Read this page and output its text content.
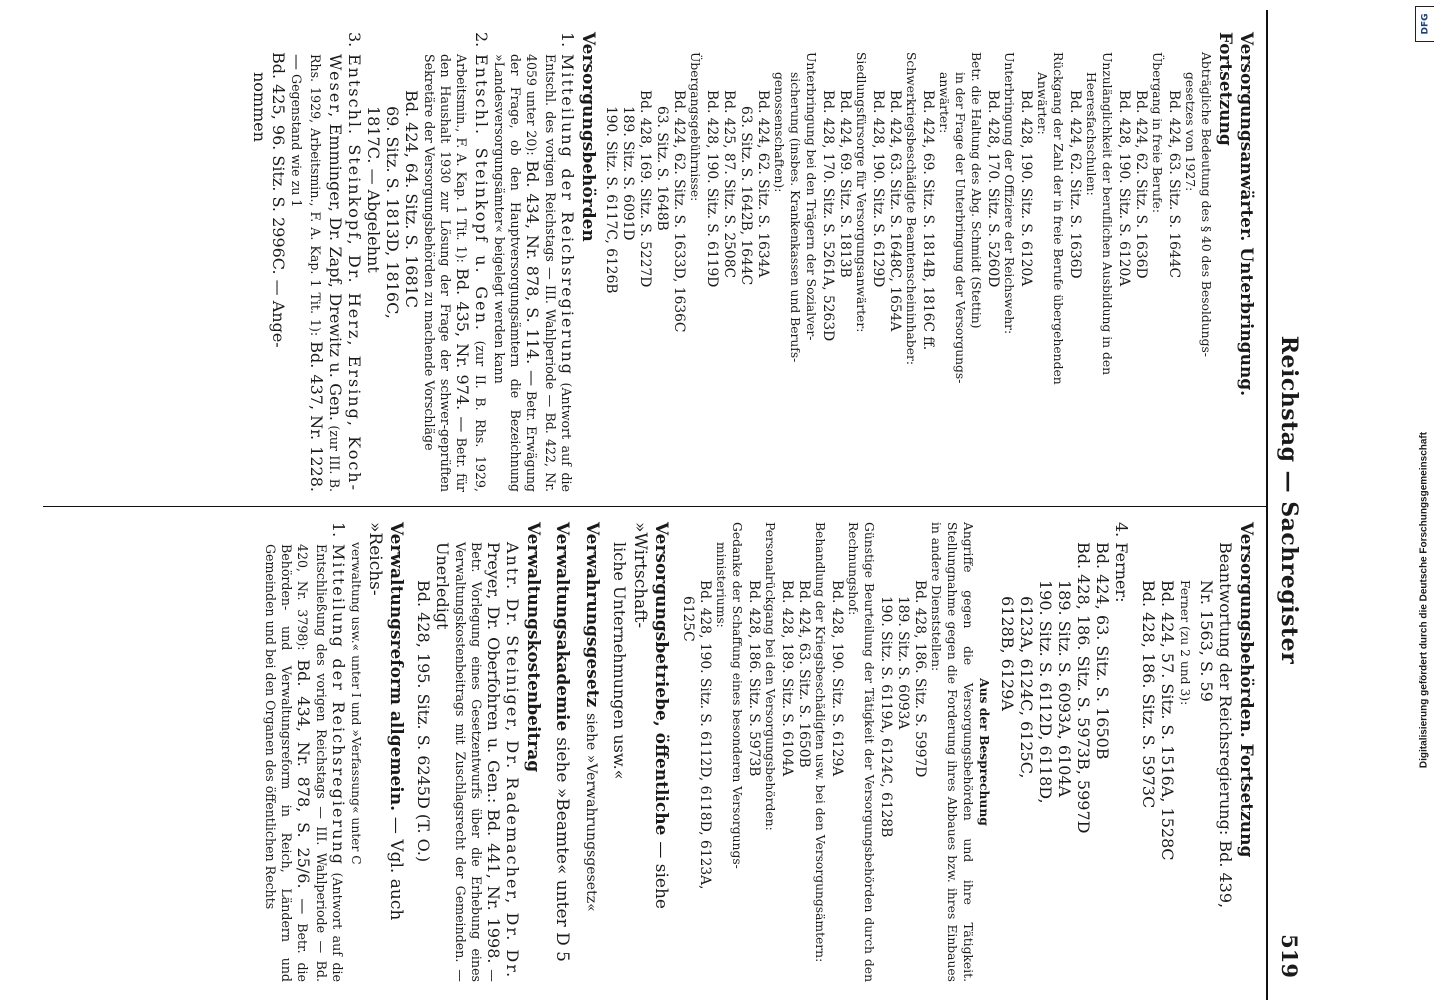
DFG
Digitalisierung gefördert durch die Deutsche Forschungsgemeinschaft
Reichstag — Sachregister
519

Versorgungsanwärter. Unterbringung. Fortsetzung

Abträgliche Bedeutung des § 40 des Besoldungs-

gesetzes von 1927:

Bd. 424, 63. Sitz. S. 1644C

Übergang in freie Berufe:

Bd. 424, 62. Sitz. S. 1636D

Bd. 428, 190. Sitz. S. 6120A

Unzulänglichkeit der beruflichen Ausbildung in den

Heeresfachschulen:

Bd. 424, 62. Sitz. S. 1636D

Rückgang der Zahl der in freie Berufe übergehenden

Anwärter:

Bd. 428, 190. Sitz. S. 6120A

Unterbringung der Offiziere der Reichswehr:

Bd. 428, 170. Sitz. S. 5260D

Betr. die Haltung des Abg. Schmidt (Stettin)

in der Frage der Unterbringung der Versorgungs-

anwärter:

Bd. 424, 69. Sitz. S. 1814B, 1816C ff.

Schwerkriegsbeschädigte Beamtenscheininhaber:

Bd. 424, 63. Sitz. S. 1648C, 1654A

Bd. 428, 190. Sitz. S. 6129D

Siedlungsfürsorge für Versorgungsanwärter:

Bd. 424, 69. Sitz. S. 1813B

Bd. 428, 170. Sitz. S. 5261A, 5263D

Unterbringung bei den Trägern der Sozialver-

sicherung (insbes. Krankenkassen und Berufs-

genossenschaften):

Bd. 424, 62. Sitz. S. 1634A

63. Sitz. S. 1642B, 1644C

Bd. 425, 87. Sitz. S. 2508C

Bd. 428, 190. Sitz. S. 6119D

Übergangsgebührnisse:

Bd. 424, 62. Sitz. S. 1633D, 1636C

63. Sitz. S. 1648B

Bd. 428, 169. Sitz. S. 5227D

189. Sitz. S. 6091D

190. Sitz. S. 6117C, 6126B

Versorgungsbehörden

1.
Mitteilung der Reichsregierung (Antwort auf die Entschl. des vorigen Reichstags — III. Wahlperiode — Bd. 422, Nr. 4059 unter 20): Bd. 434, Nr. 878, S. 114. — Betr. Erwägung der Frage, ob den Hauptversorgungsämtern die Bezeichnung »Landesversorgungsämter« beigelegt werden kann
2.
Entschl. Steinkopf u. Gen. (zur II. B. Rhs. 1929, Arbeitsmin., F. A. Kap. 1 Tit. 1): Bd. 435, Nr. 974. — Betr. für den Haushalt 1930 zur Lösung der Frage der schwer-geprüften Sekretäre der Versorgungsbehörden zu machende Vorschläge

Bd. 424, 64. Sitz. S. 1681C

69. Sitz. S. 1813D, 1816C,

1817C. — Abgelehnt

3.
Entschl. Steinkopf, Dr. Herz, Ersing, Koch-Weser, Emminger, Dr. Zapf, Drewitz u. Gen. (zur III. B. Rhs. 1929, Arbeitsmin., F. A. Kap. 1 Tit. 1): Bd. 437, Nr. 1228. — Gegenstand wie zu 1

Bd. 425, 96. Sitz. S. 2996C. — Ange-

nommen

Versorgungsbehörden. Fortsetzung

Beantwortung der Reichsregierung: Bd. 439,

Nr. 1563, S. 59

Ferner (zu 2 und 3):

Bd. 424, 57. Sitz. S. 1516A, 1528C

Bd. 428, 186. Sitz. S. 5973C

4. Ferner:

Bd. 424, 63. Sitz. S. 1650B

Bd. 428, 186. Sitz. S. 5973B, 5997D

189. Sitz. S. 6093A, 6104A

190. Sitz. S. 6112D, 6118D,

6123A, 6124C, 6125C,

6128B, 6129A

Aus der Besprechung

Angriffe gegen die Versorgungsbehörden und ihre Tätigkeit. Stellungnahme gegen die Forderung ihres Abbaues bzw. ihres Einbaues in andere Dienststellen:

Bd. 428, 186. Sitz. S. 5997D

189. Sitz. S. 6093A

190. Sitz. S. 6119A, 6124C, 6128B

Günstige Beurteilung der Tätigkeit der Versorgungsbehörden durch den Rechnungshof:

Bd. 428, 190. Sitz. S. 6129A

Behandlung der Kriegsbeschädigten usw. bei den Versorgungsämtern:

Bd. 424, 63. Sitz. S. 1650B

Bd. 428, 189. Sitz. S. 6104A

Personalrückgang bei den Versorgungsbehörden:

Bd. 428, 186. Sitz. S. 5973B

Gedanke der Schaffung eines besonderen Versorgungs-

ministeriums:

Bd. 428, 190. Sitz. S. 6112D, 6118D, 6123A,

6125C

Versorgungsbetriebe, öffentliche — siehe »Wirtschaft-

liche Unternehmungen usw.«

Verwahrungsgesetz siehe »Verwahrungsgesetz«

Verwaltungsakademie siehe »Beamte« unter D 5

Verwaltungskostenbeitrag

Antr. Dr. Steiniger, Dr. Rademacher, Dr. Dr.

Preyer, Dr. Oberfohren u. Gen.: Bd. 441, Nr. 1998. — Betr. Vorlegung eines Gesetzentwurfs über die Erhebung eines Verwaltungskostenbeitrags mit Zuschlagsrecht der Gemeinden. — Unerledigt

Bd. 428, 195. Sitz. S. 6245D (T. O.)

Verwaltungsreform allgemein. — Vgl. auch »Reichs-

verwaltung usw.« unter I und »Verfassung« unter C

1.
Mitteilung der Reichsregierung (Antwort auf die Entschließung des vorigen Reichstags — III. Wahlperiode — Bd. 420, Nr. 3798): Bd. 434, Nr. 878, S. 25/6. — Betr. die Behörden- und Verwaltungsreform in Reich, Ländern und Gemeinden und bei den Organen des öffentlichen Rechts
